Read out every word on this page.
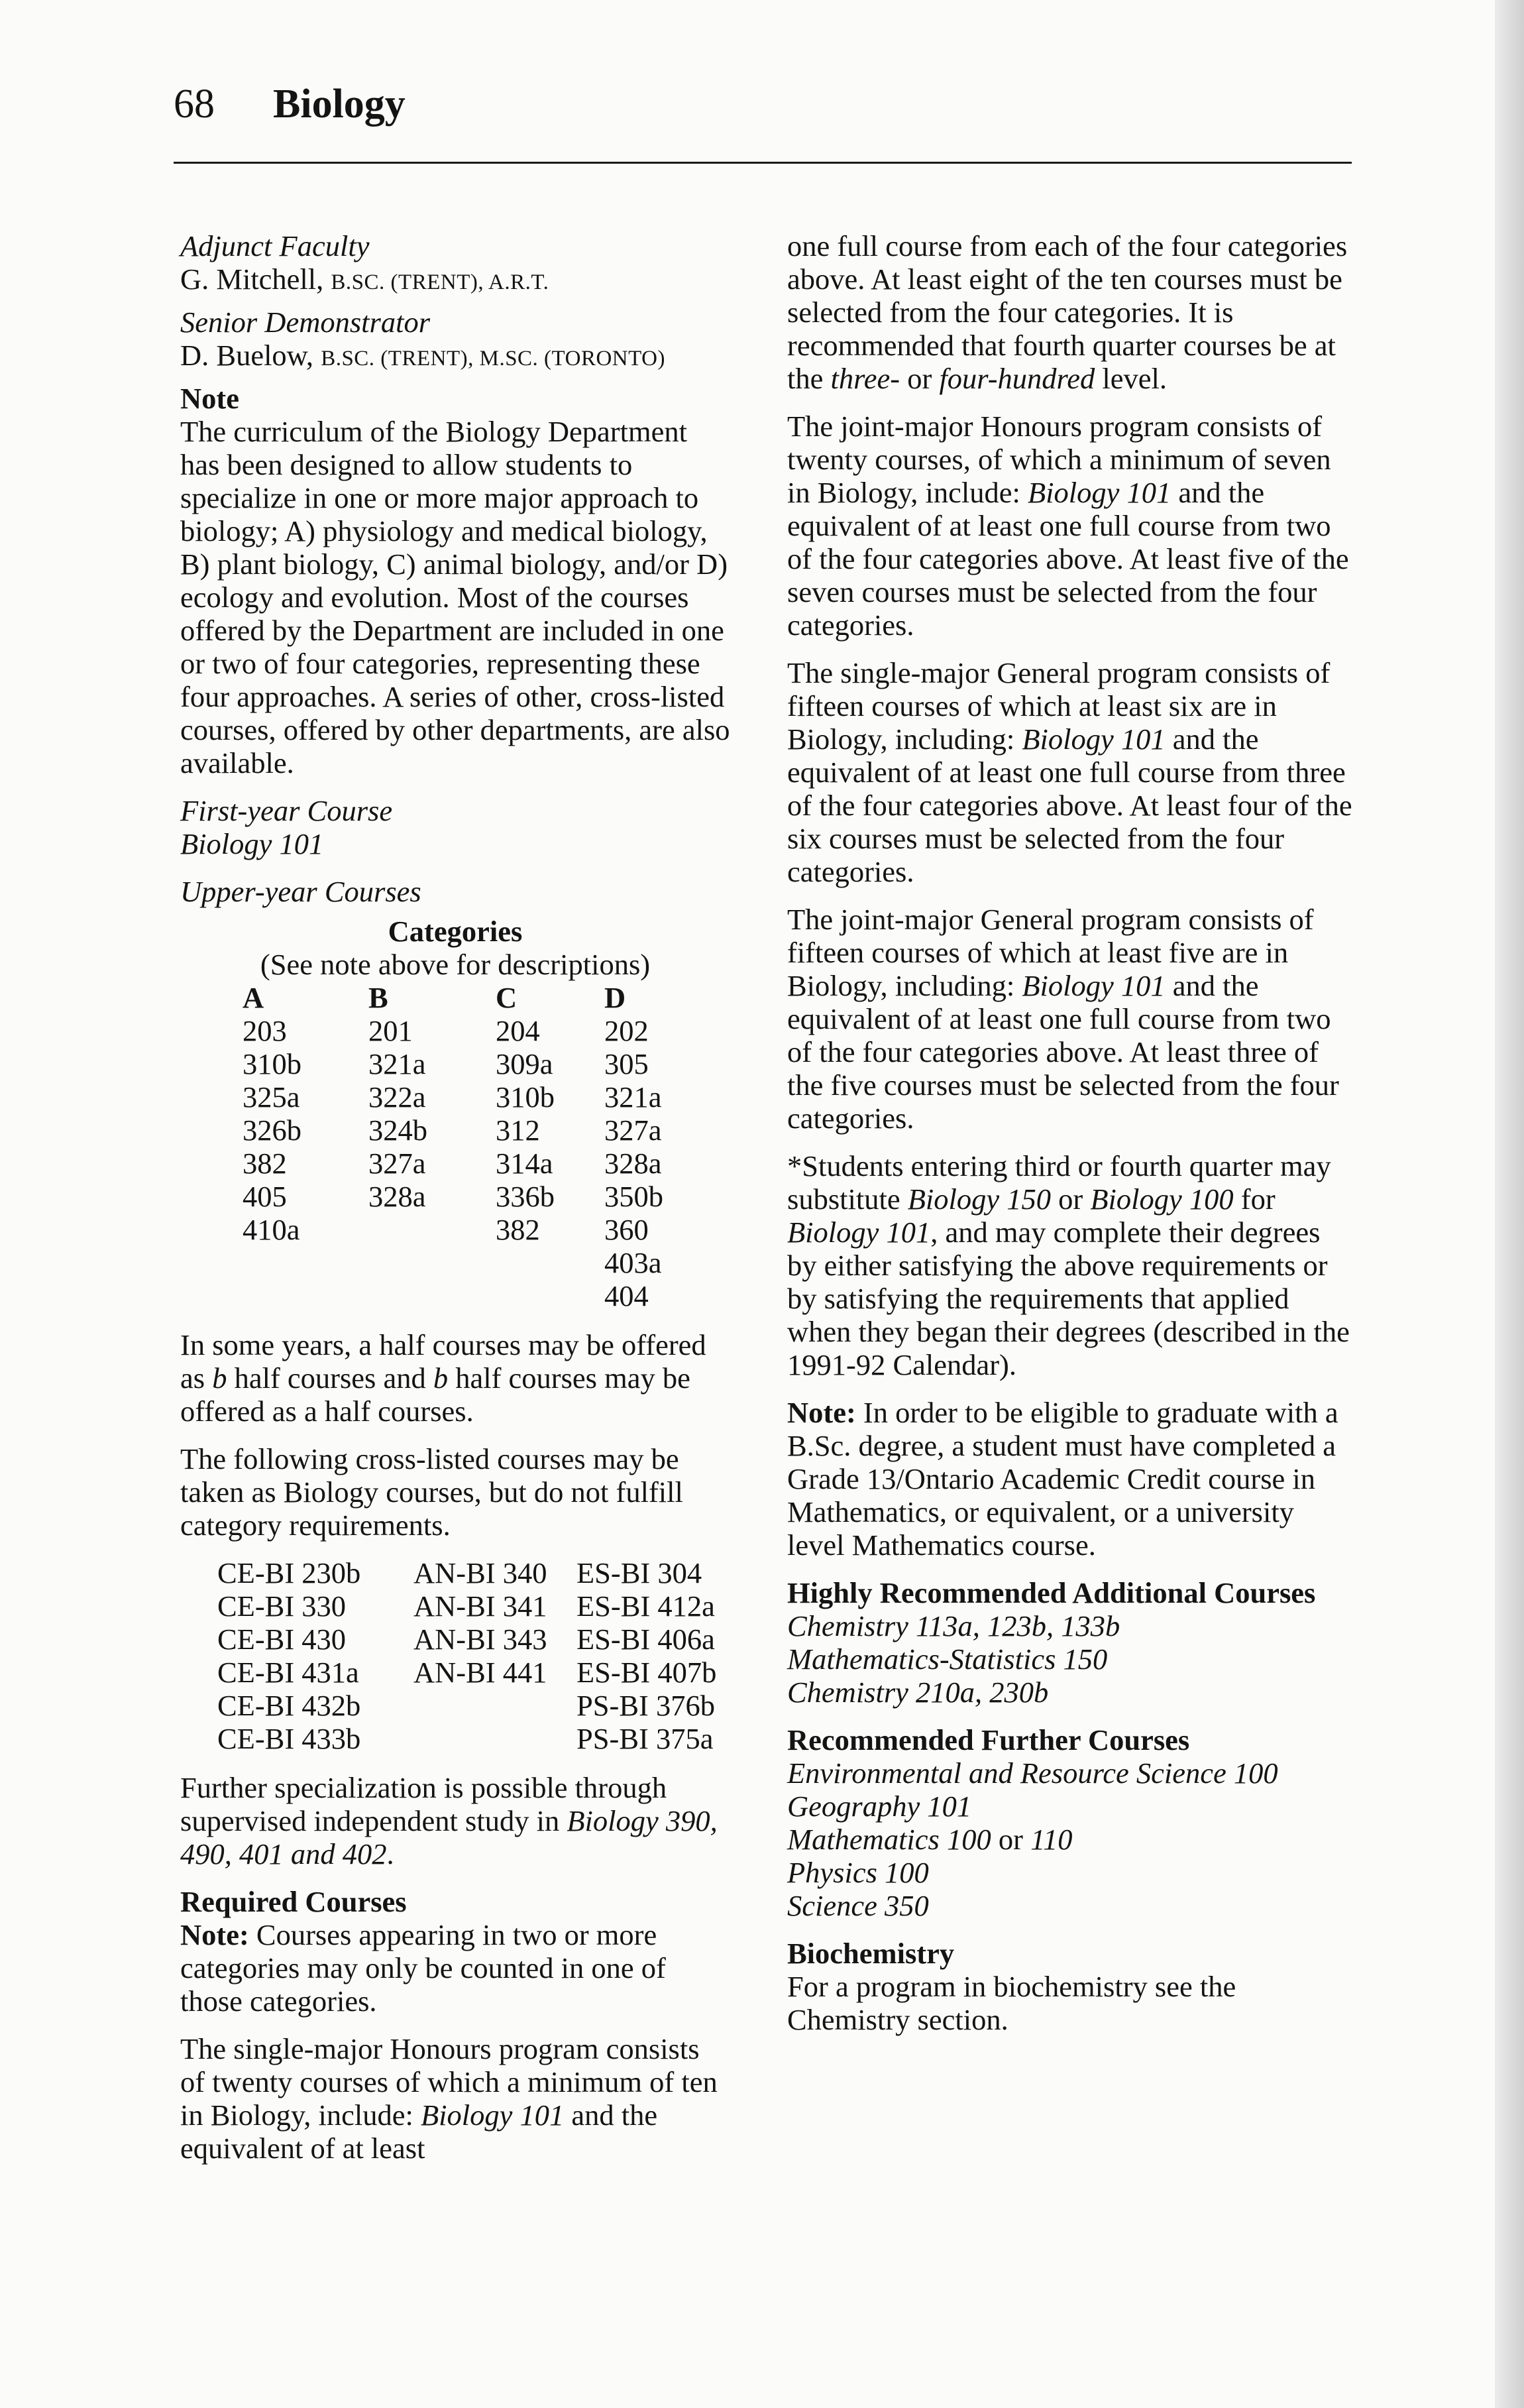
68 Biology
Adjunct Faculty

G. Mitchell, B.SC. (TRENT), A.R.T.

Senior Demonstrator

D. Buelow, B.SC. (TRENT), M.SC. (TORONTO)

Note

The curriculum of the Biology Department has been designed to allow students to specialize in one or more major approach to biology; A) physiology and medical biology, B) plant biology, C) animal biology, and/or D) ecology and evolution. Most of the courses offered by the Department are included in one or two of four categories, representing these four approaches. A series of other, cross-listed courses, offered by other departments, are also available.

First-year Course

Biology 101

Upper-year Courses

Categories
(See note above for descriptions)
A	B	C	D
203	201	204	202
310b	321a	309a	305
325a	322a	310b	321a
326b	324b	312	327a
382	327a	314a	328a
405	328a	336b	350b
410a		382	360
			403a
			404

In some years, a half courses may be offered as b half courses and b half courses may be offered as a half courses.

The following cross-listed courses may be taken as Biology courses, but do not fulfill category requirements.

CE-BI 230b	AN-BI 340	ES-BI 304
CE-BI 330	AN-BI 341	ES-BI 412a
CE-BI 430	AN-BI 343	ES-BI 406a
CE-BI 431a	AN-BI 441	ES-BI 407b
CE-BI 432b		PS-BI 376b
CE-BI 433b		PS-BI 375a

Further specialization is possible through supervised independent study in Biology 390, 490, 401 and 402.

Required Courses

Note: Courses appearing in two or more categories may only be counted in one of those categories.

The single-major Honours program consists of twenty courses of which a minimum of ten in Biology, include: Biology 101 and the equivalent of at least

one full course from each of the four categories above. At least eight of the ten courses must be selected from the four categories. It is recommended that fourth quarter courses be at the three- or four-hundred level.

The joint-major Honours program consists of twenty courses, of which a minimum of seven in Biology, include: Biology 101 and the equivalent of at least one full course from two of the four categories above. At least five of the seven courses must be selected from the four categories.

The single-major General program consists of fifteen courses of which at least six are in Biology, including: Biology 101 and the equivalent of at least one full course from three of the four categories above. At least four of the six courses must be selected from the four categories.

The joint-major General program consists of fifteen courses of which at least five are in Biology, including: Biology 101 and the equivalent of at least one full course from two of the four categories above. At least three of the five courses must be selected from the four categories.

*Students entering third or fourth quarter may substitute Biology 150 or Biology 100 for Biology 101, and may complete their degrees by either satisfying the above requirements or by satisfying the requirements that applied when they began their degrees (described in the 1991-92 Calendar).

Note: In order to be eligible to graduate with a B.Sc. degree, a student must have completed a Grade 13/Ontario Academic Credit course in Mathematics, or equivalent, or a university level Mathematics course.

Highly Recommended Additional Courses
Chemistry 113a, 123b, 133b
Mathematics-Statistics 150

Chemistry 210a, 230b

Recommended Further Courses
Environmental and Resource Science 100
Geography 101
Mathematics 100 or 110
Physics 100

Science 350

Biochemistry

For a program in biochemistry see the Chemistry section.
